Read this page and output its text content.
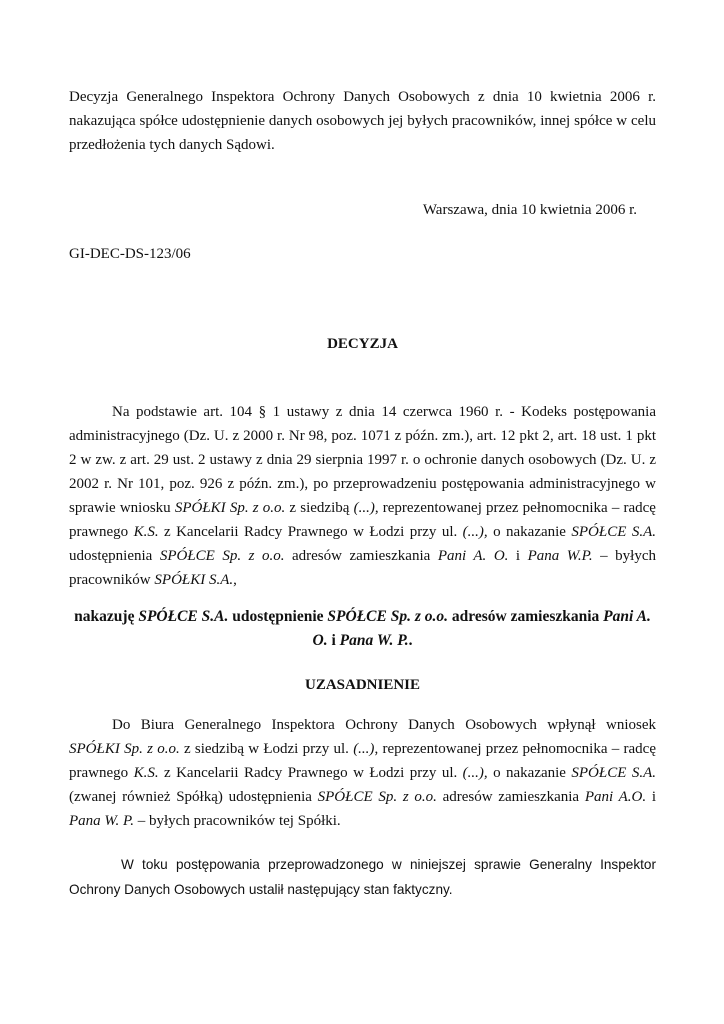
Decyzja Generalnego Inspektora Ochrony Danych Osobowych z dnia 10 kwietnia 2006 r. nakazująca spółce udostępnienie danych osobowych jej byłych pracowników, innej spółce w celu przedłożenia tych danych Sądowi.

Warszawa, dnia 10 kwietnia 2006 r.
GI-DEC-DS-123/06
DECYZJA

Na podstawie art. 104 § 1 ustawy z dnia 14 czerwca 1960 r. - Kodeks postępowania administracyjnego (Dz. U. z 2000 r. Nr 98, poz. 1071 z późn. zm.), art. 12 pkt 2, art. 18 ust. 1 pkt 2 w zw. z art. 29 ust. 2 ustawy z dnia 29 sierpnia 1997 r. o ochronie danych osobowych (Dz. U. z 2002 r. Nr 101, poz. 926 z późn. zm.), po przeprowadzeniu postępowania administracyjnego w sprawie wniosku SPÓŁKI Sp. z o.o. z siedzibą (...), reprezentowanej przez pełnomocnika – radcę prawnego K.S. z Kancelarii Radcy Prawnego w Łodzi przy ul. (...), o nakazanie SPÓŁCE S.A. udostępnienia SPÓŁCE Sp. z o.o. adresów zamieszkania Pani A. O. i Pana W.P. – byłych pracowników SPÓŁKI S.A.,

nakazuję SPÓŁCE S.A. udostępnienie SPÓŁCE Sp. z o.o. adresów zamieszkania Pani A. O. i Pana W. P..
UZASADNIENIE

Do Biura Generalnego Inspektora Ochrony Danych Osobowych wpłynął wniosek SPÓŁKI Sp. z o.o. z siedzibą w Łodzi przy ul. (...), reprezentowanej przez pełnomocnika – radcę prawnego K.S. z Kancelarii Radcy Prawnego w Łodzi przy ul. (...), o nakazanie SPÓŁCE S.A. (zwanej również Spółką) udostępnienia SPÓŁCE Sp. z o.o. adresów zamieszkania Pani A.O. i Pana W. P. – byłych pracowników tej Spółki.

W toku postępowania przeprowadzonego w niniejszej sprawie Generalny Inspektor Ochrony Danych Osobowych ustalił następujący stan faktyczny.
